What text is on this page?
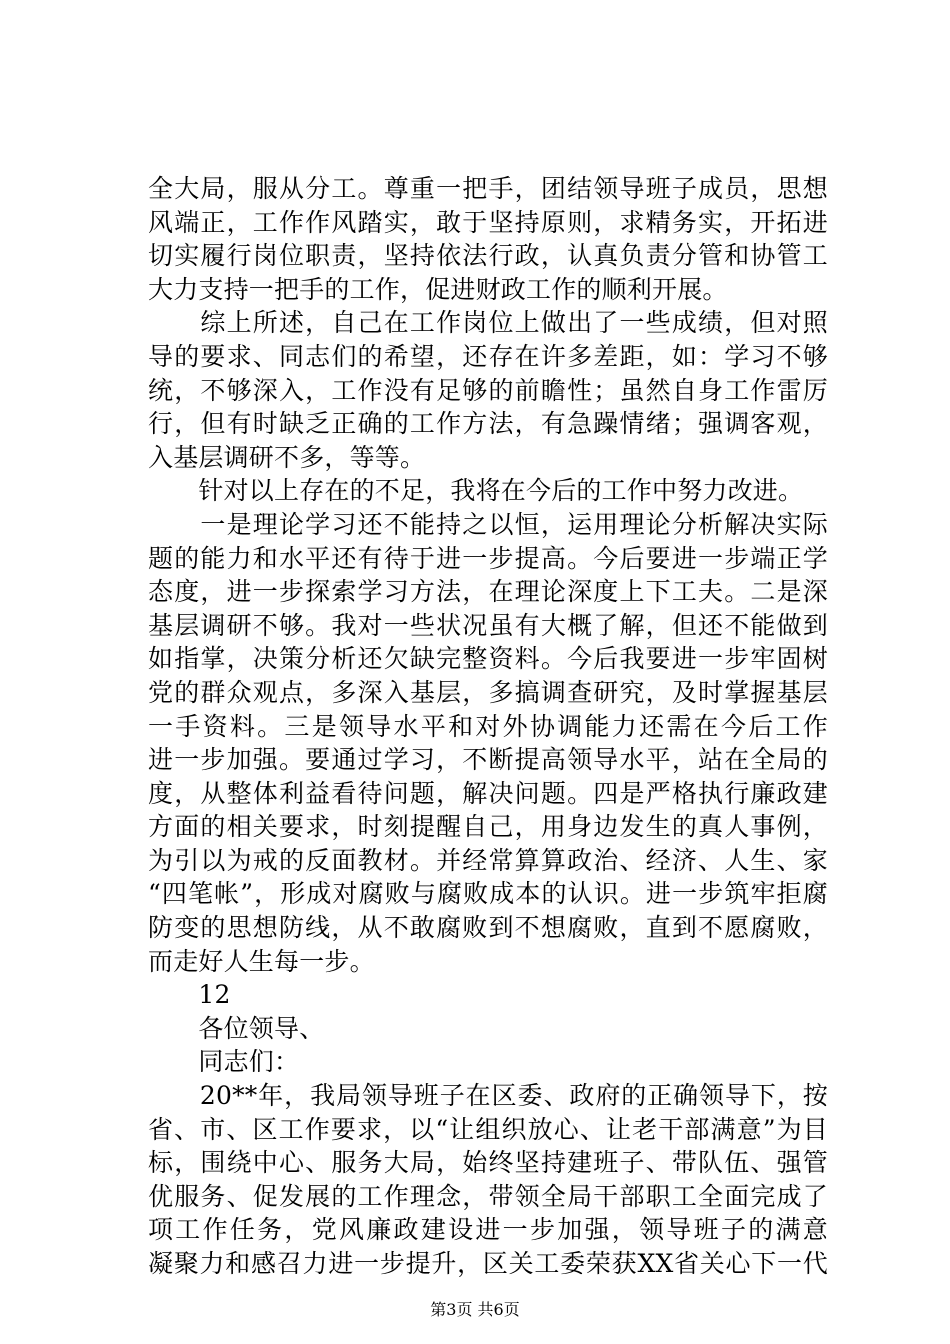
全大局，服从分工。尊重一把手，团结领导班子成员，思想
风端正，工作作风踏实，敢于坚持原则，求精务实，开拓进
切实履行岗位职责，坚持依法行政，认真负责分管和协管工
大力支持一把手的工作，促进财政工作的顺利开展。
　　综上所述，自己在工作岗位上做出了一些成绩，但对照
导的要求、同志们的希望，还存在许多差距，如：学习不够
统，不够深入，工作没有足够的前瞻性；虽然自身工作雷厉
行，但有时缺乏正确的工作方法，有急躁情绪；强调客观，
入基层调研不多，等等。
　　针对以上存在的不足，我将在今后的工作中努力改进。
　　一是理论学习还不能持之以恒，运用理论分析解决实际
题的能力和水平还有待于进一步提高。今后要进一步端正学
态度，进一步探索学习方法，在理论深度上下工夫。二是深
基层调研不够。我对一些状况虽有大概了解，但还不能做到
如指掌，决策分析还欠缺完整资料。今后我要进一步牢固树
党的群众观点，多深入基层，多搞调查研究，及时掌握基层
一手资料。三是领导水平和对外协调能力还需在今后工作
进一步加强。要通过学习，不断提高领导水平，站在全局的
度，从整体利益看待问题，解决问题。四是严格执行廉政建
方面的相关要求，时刻提醒自己，用身边发生的真人事例，
为引以为戒的反面教材。并经常算算政治、经济、人生、家
“四笔帐”，形成对腐败与腐败成本的认识。进一步筑牢拒腐
防变的思想防线，从不敢腐败到不想腐败，直到不愿腐败，
而走好人生每一步。
　　12
　　各位领导、
　　同志们：
　　20**年，我局领导班子在区委、政府的正确领导下，按
省、市、区工作要求，以“让组织放心、让老干部满意”为目
标，围绕中心、服务大局，始终坚持建班子、带队伍、强管
优服务、促发展的工作理念，带领全局干部职工全面完成了
项工作任务，党风廉政建设进一步加强，领导班子的满意
凝聚力和感召力进一步提升，区关工委荣获XX省关心下一代
第3页 共6页
